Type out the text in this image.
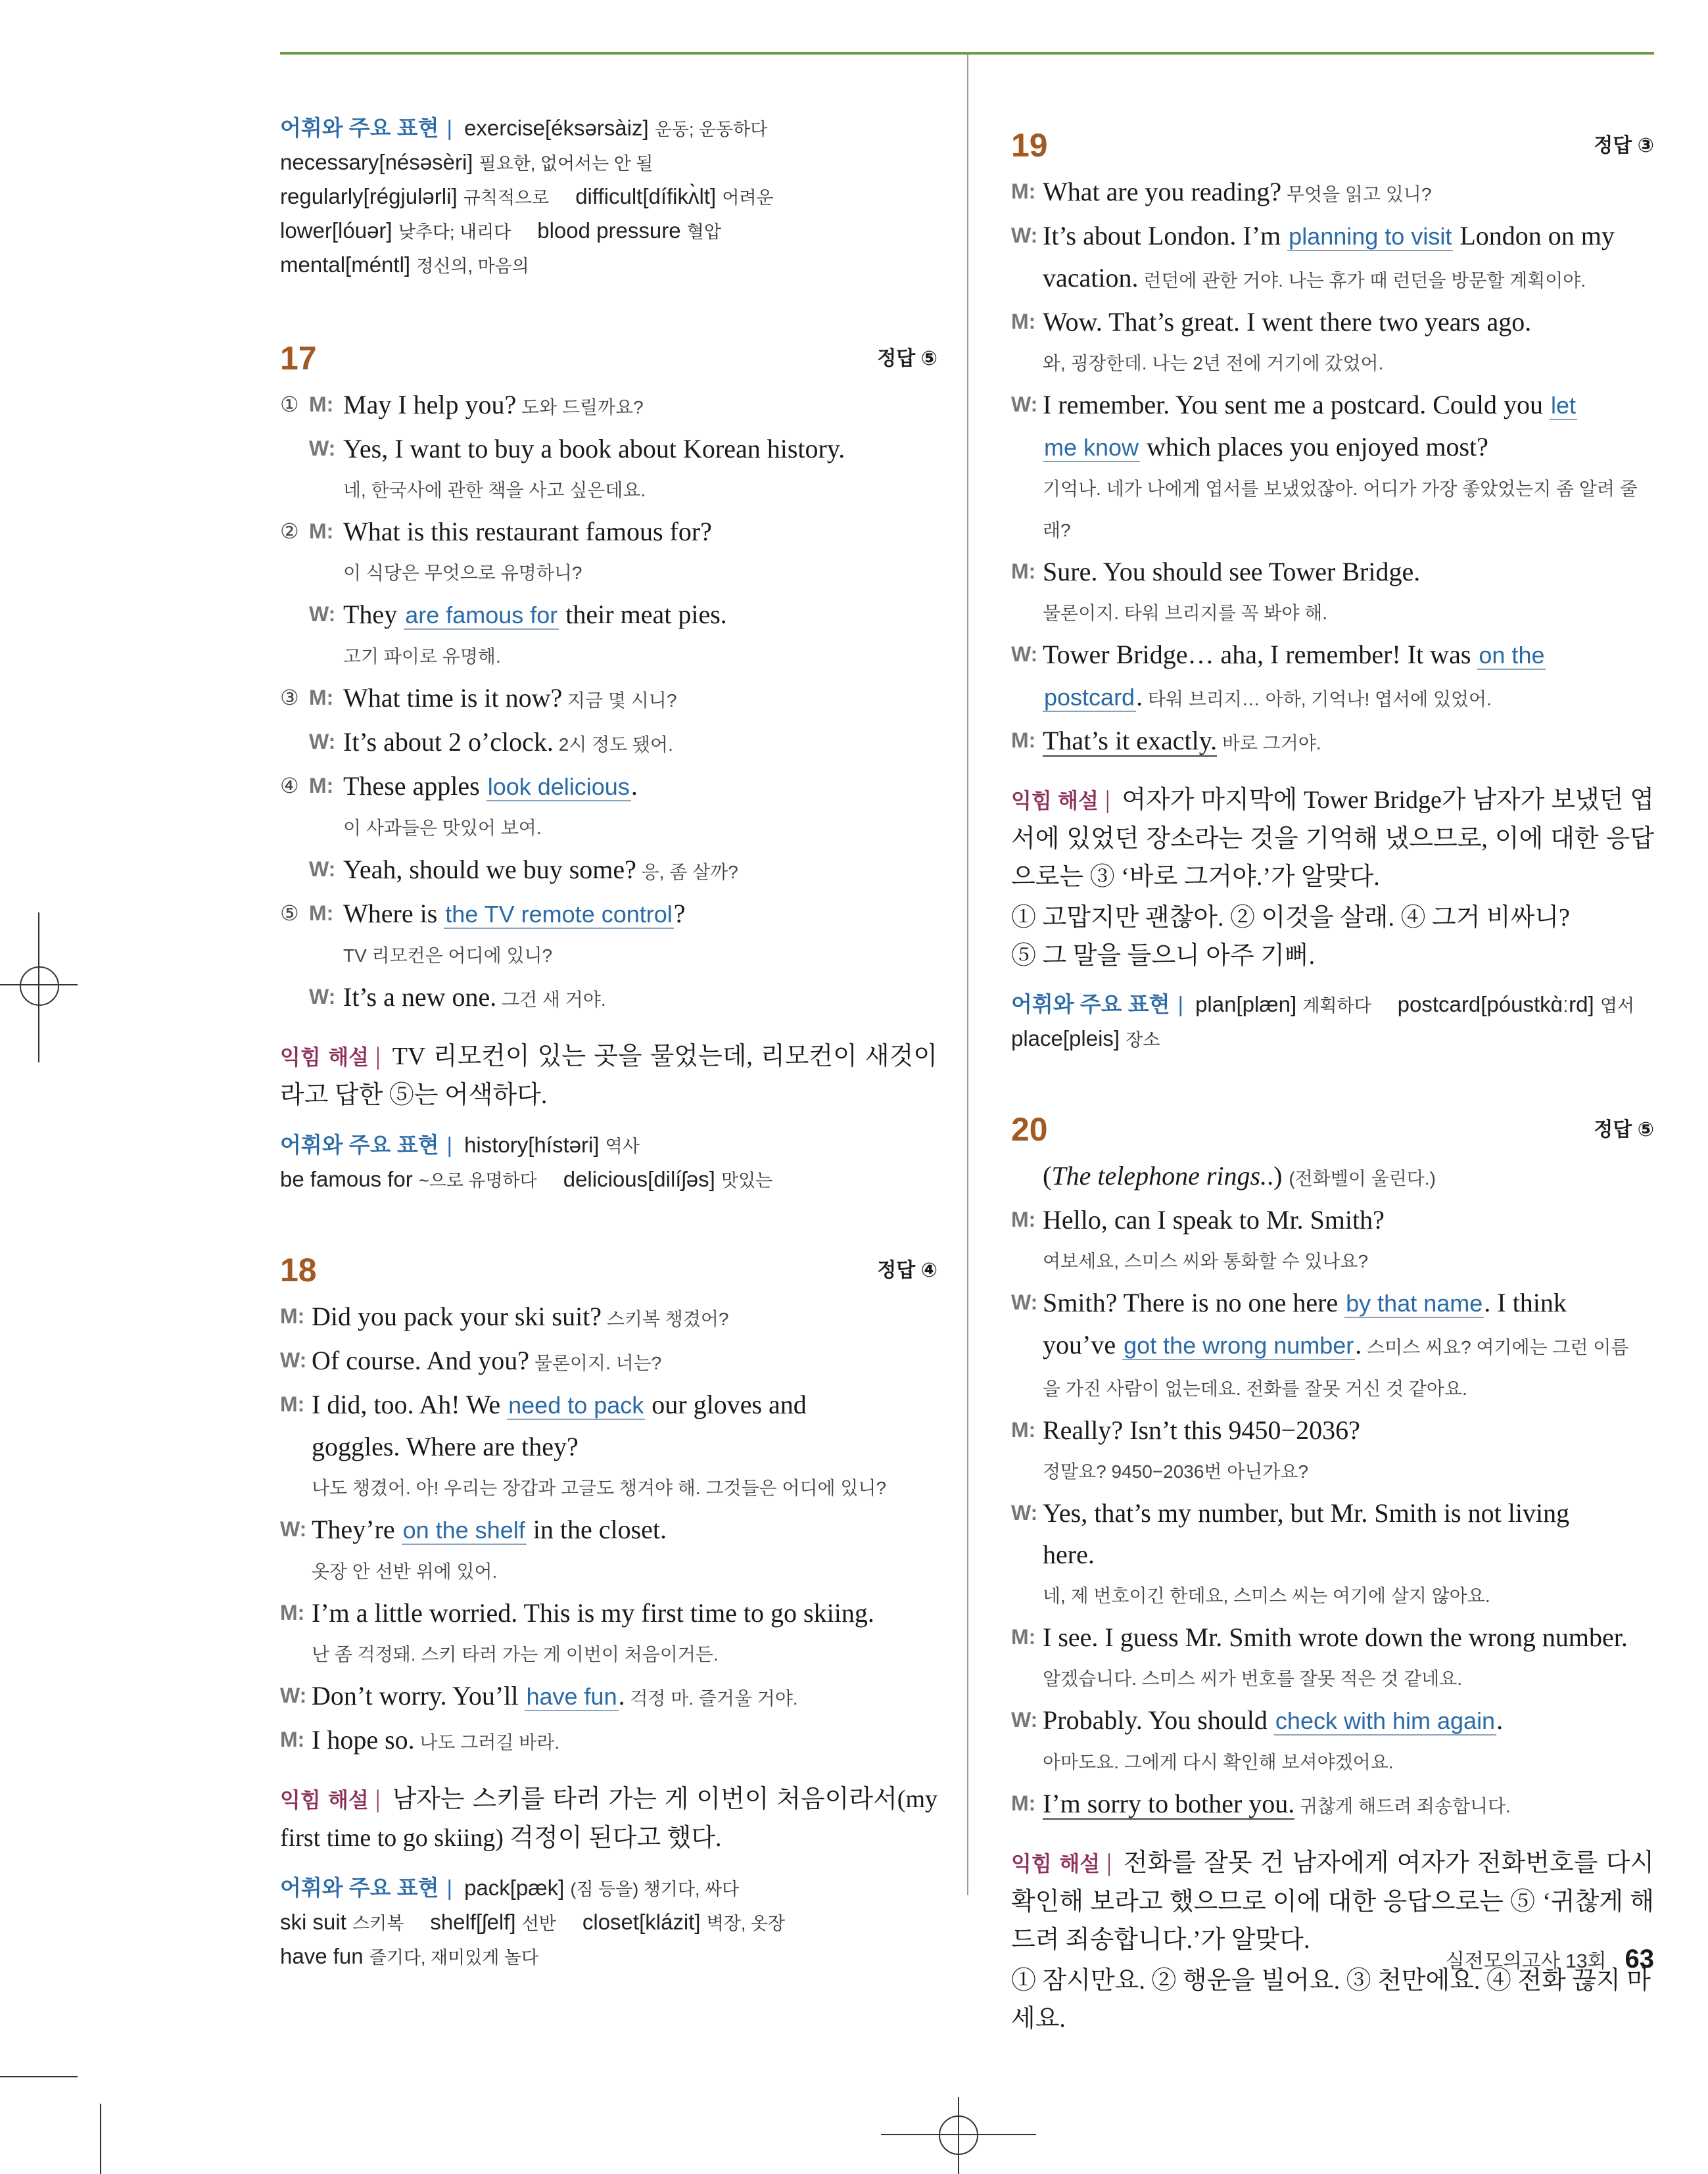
어휘와 주요 표현 | exercise[éksərsàiz] 운동; 운동하다
necessary[nésəsèri] 필요한, 없어서는 안 될
regularly[régjulərli] 규칙적으로 difficult[dífikʌ̀lt] 어려운
lower[lóuər] 낮추다; 내리다 blood pressure 혈압
mental[méntl] 정신의, 마음의
17	정답 ⑤
① M: May I help you? 도와 드릴까요?
W: Yes, I want to buy a book about Korean history.
네, 한국사에 관한 책을 사고 싶은데요.
② M: What is this restaurant famous for?
이 식당은 무엇으로 유명하니?
W: They are famous for their meat pies.
고기 파이로 유명해.
③ M: What time is it now? 지금 몇 시니?
W: It’s about 2 o’clock. 2시 정도 됐어.
④ M: These apples look delicious.
이 사과들은 맛있어 보여.
W: Yeah, should we buy some? 응, 좀 살까?
⑤ M: Where is the TV remote control?
TV 리모컨은 어디에 있니?
W: It’s a new one. 그건 새 거야.
익힘 해설 | TV 리모컨이 있는 곳을 물었는데, 리모컨이 새것이라고 답한 ⑤는 어색하다.
어휘와 주요 표현 | history[hístəri] 역사
be famous for ~으로 유명하다 delicious[dilíʃəs] 맛있는
18	정답 ④
M: Did you pack your ski suit? 스키복 챙겼어?
W: Of course. And you? 물론이지. 너는?
M: I did, too. Ah! We need to pack our gloves and
goggles. Where are they?
나도 챙겼어. 아! 우리는 장갑과 고글도 챙겨야 해. 그것들은 어디에 있니?
W: They’re on the shelf in the closet.
옷장 안 선반 위에 있어.
M: I’m a little worried. This is my first time to go skiing.
난 좀 걱정돼. 스키 타러 가는 게 이번이 처음이거든.
W: Don’t worry. You’ll have fun. 걱정 마. 즐거울 거야.
M: I hope so. 나도 그러길 바라.
익힘 해설 | 남자는 스키를 타러 가는 게 이번이 처음이라서(my first time to go skiing) 걱정이 된다고 했다.
어휘와 주요 표현 | pack[pæk] (짐 등을) 챙기다, 싸다
ski suit 스키복 shelf[ʃelf] 선반 closet[klázit] 벽장, 옷장
have fun 즐기다, 재미있게 놀다
19	정답 ③
M: What are you reading? 무엇을 읽고 있니?
W: It’s about London. I’m planning to visit London on my
vacation. 런던에 관한 거야. 나는 휴가 때 런던을 방문할 계획이야.
M: Wow. That’s great. I went there two years ago.
와, 굉장한데. 나는 2년 전에 거기에 갔었어.
W: I remember. You sent me a postcard. Could you let
me know which places you enjoyed most?
기억나. 네가 나에게 엽서를 보냈었잖아. 어디가 가장 좋았었는지 좀 알려 줄래?
M: Sure. You should see Tower Bridge.
물론이지. 타워 브리지를 꼭 봐야 해.
W: Tower Bridge… aha, I remember! It was on the
postcard. 타워 브리지… 아하, 기억나! 엽서에 있었어.
M: That’s it exactly. 바로 그거야.
익힘 해설 | 여자가 마지막에 Tower Bridge가 남자가 보냈던 엽서에 있었던 장소라는 것을 기억해 냈으므로, 이에 대한 응답으로는 ③ ‘바로 그거야.’가 알맞다.
① 고맙지만 괜찮아. ② 이것을 살래. ④ 그거 비싸니?
⑤ 그 말을 들으니 아주 기뻐.
어휘와 주요 표현 | plan[plæn] 계획하다 postcard[póustkɑ̀ːrd] 엽서
place[pleis] 장소
20	정답 ⑤
(The telephone rings..) (전화벨이 울린다.)
M: Hello, can I speak to Mr. Smith?
여보세요, 스미스 씨와 통화할 수 있나요?
W: Smith? There is no one here by that name. I think
you’ve got the wrong number. 스미스 씨요? 여기에는 그런 이름
을 가진 사람이 없는데요. 전화를 잘못 거신 것 같아요.
M: Really? Isn’t this 9450−2036?
정말요? 9450−2036번 아닌가요?
W: Yes, that’s my number, but Mr. Smith is not living
here.
네, 제 번호이긴 한데요, 스미스 씨는 여기에 살지 않아요.
M: I see. I guess Mr. Smith wrote down the wrong number.
알겠습니다. 스미스 씨가 번호를 잘못 적은 것 같네요.
W: Probably. You should check with him again.
아마도요. 그에게 다시 확인해 보셔야겠어요.
M: I’m sorry to bother you. 귀찮게 해드려 죄송합니다.
익힘 해설 | 전화를 잘못 건 남자에게 여자가 전화번호를 다시 확인해 보라고 했으므로 이에 대한 응답으로는 ⑤ ‘귀찮게 해드려 죄송합니다.’가 알맞다.
① 잠시만요. ② 행운을 빌어요. ③ 천만에요. ④ 전화 끊지 마세요.
실전모의고사 13회 63
